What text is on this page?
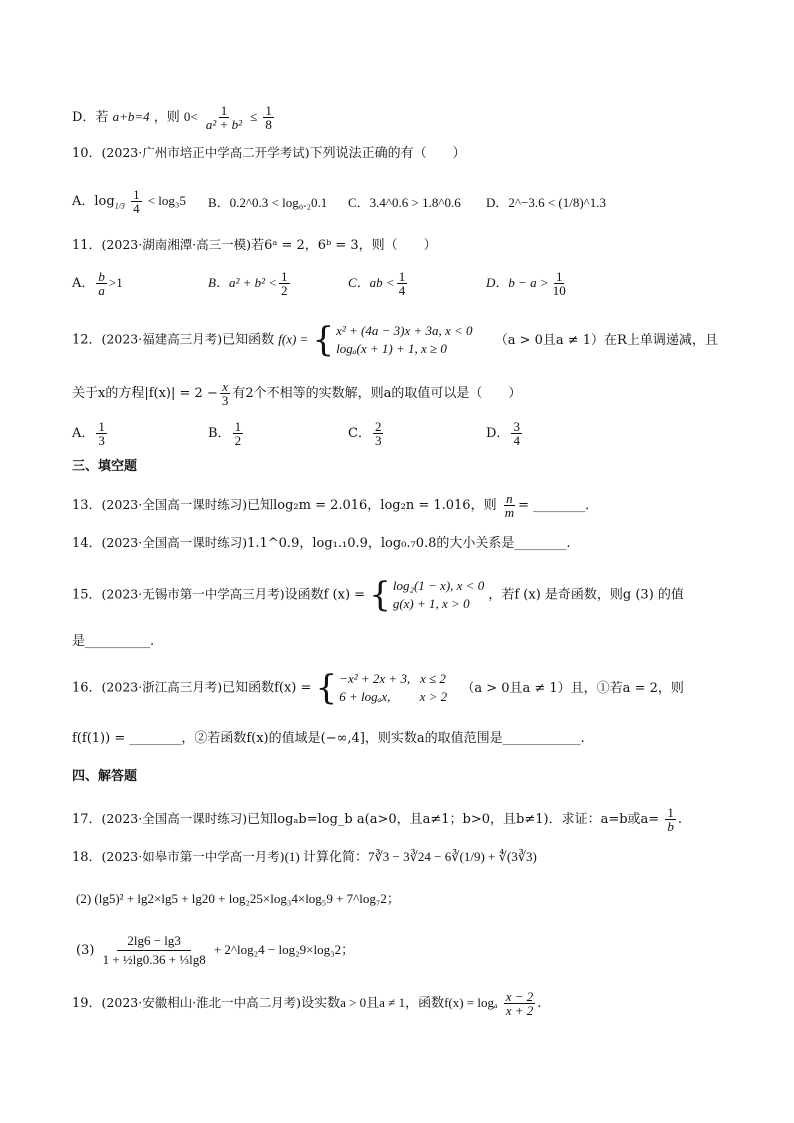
D．若 a+b=4 ，则 $0< \frac{1}{\text{a² + b²}} \le \frac{1}{8}$
10．(2023·广州市培正中学高二开学考试)下列说法正确的有（　　）
A．$\log_{1/3} \frac{1}{4} < \log_35$ B．0.2^0.3 < log₀.₂0.1 C．3.4^0.6 > 1.8^0.6 D．2^−3.6 < (1/8)^1.3
11．(2023·湖南湘潭·高三一模)若6ᵃ = 2，6ᵇ = 3，则（　　）
A． $\frac{b}{a} >1$	B．$a^2 + b^2 < \frac{1}{2}$	C．ab < $\frac{1}{4}$	D．$b - a > \frac{1}{10}$
12．(2023·福建高三月考)已知函数 f(x) = { x² + (4a − 3)x + 3a, x < 0
logₐ(x + 1) + 1, x ≥ 0
（a > 0且a ≠ 1）在R上单调递减，且
关于x的方程$|f(x)| = 2 - \frac{x}{3}$ 有2个不相等的实数解，则a的取值可以是（　　）
A． $\frac{1}{3}$	B． $\frac{1}{2}$	C． $\frac{2}{3}$	D． $\frac{3}{4}$
三、填空题
13．(2023·全国高一课时练习)已知log₂m = 2.016，log₂n = 1.016，则 $\frac{n}{m}$ = ________．
14．(2023·全国高一课时练习)1.1^0.9，log₁.₁0.9，log₀.₇0.8的大小关系是________.
15．(2023·无锡市第一中学高三月考)设函数f (x) = { log₂(1 − x), x < 0
g(x) + 1, x > 0
，若f (x) 是奇函数，则g (3) 的值
是__________.
16．(2023·浙江高三月考)已知函数f(x) = { −x² + 2x + 3,   x ≤ 2
6 + logₐx,         x > 2
（a > 0且a ≠ 1）且，①若a = 2，则
f(f(1)) = ________，②若函数f(x)的值域是(−∞,4]，则实数a的取值范围是____________.
四、解答题
17．(2023·全国高一课时练习)已知logₐb=log_b a(a>0，且a≠1；b>0，且b≠1)．求证：a=b或$a= \frac{1}{b}$ .
18．(2023·如皋市第一中学高一月考)(1) 计算化简：7∛3 − 3∛24 − 6∛(1/9) + ∜(3∛3)
(2) (lg5)² + lg2×lg5 + lg20 + log₂25×log₃4×log₅9 + 7^log₇2；
$(3) \frac{2\lg 6 - \lg 3}{\text{1 + ½lg0.36 + ⅓lg8}}$ + 2^log₂4 − log₂9×log₃2；
19．(2023·安徽相山·淮北一中高二月考)设实数a > 0且a ≠ 1，函数f(x) = logₐ $\frac{x - 2}{x + 2}$ .
